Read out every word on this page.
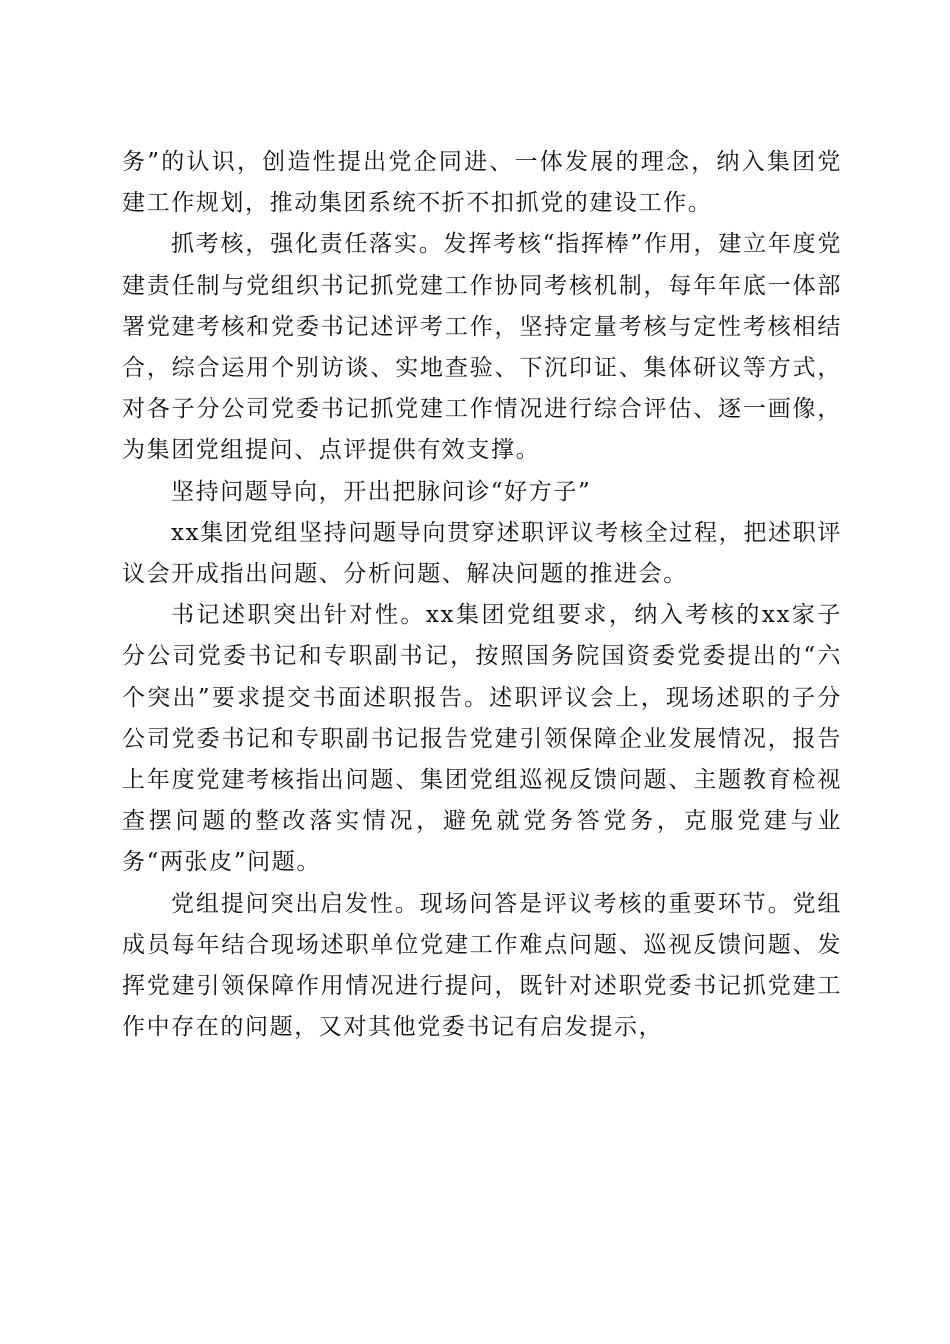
务”的认识，创造性提出党企同进、一体发展的理念，纳入集团党建工作规划，推动集团系统不折不扣抓党的建设工作。

抓考核，强化责任落实。发挥考核“指挥棒”作用，建立年度党建责任制与党组织书记抓党建工作协同考核机制，每年年底一体部署党建考核和党委书记述评考工作，坚持定量考核与定性考核相结合，综合运用个别访谈、实地查验、下沉印证、集体研议等方式，对各子分公司党委书记抓党建工作情况进行综合评估、逐一画像，为集团党组提问、点评提供有效支撑。

坚持问题导向，开出把脉问诊“好方子”

xx集团党组坚持问题导向贯穿述职评议考核全过程，把述职评议会开成指出问题、分析问题、解决问题的推进会。

书记述职突出针对性。xx集团党组要求，纳入考核的xx家子分公司党委书记和专职副书记，按照国务院国资委党委提出的“六个突出”要求提交书面述职报告。述职评议会上，现场述职的子分公司党委书记和专职副书记报告党建引领保障企业发展情况，报告上年度党建考核指出问题、集团党组巡视反馈问题、主题教育检视查摆问题的整改落实情况，避免就党务答党务，克服党建与业务“两张皮”问题。

党组提问突出启发性。现场问答是评议考核的重要环节。党组成员每年结合现场述职单位党建工作难点问题、巡视反馈问题、发挥党建引领保障作用情况进行提问，既针对述职党委书记抓党建工作中存在的问题，又对其他党委书记有启发提示，
